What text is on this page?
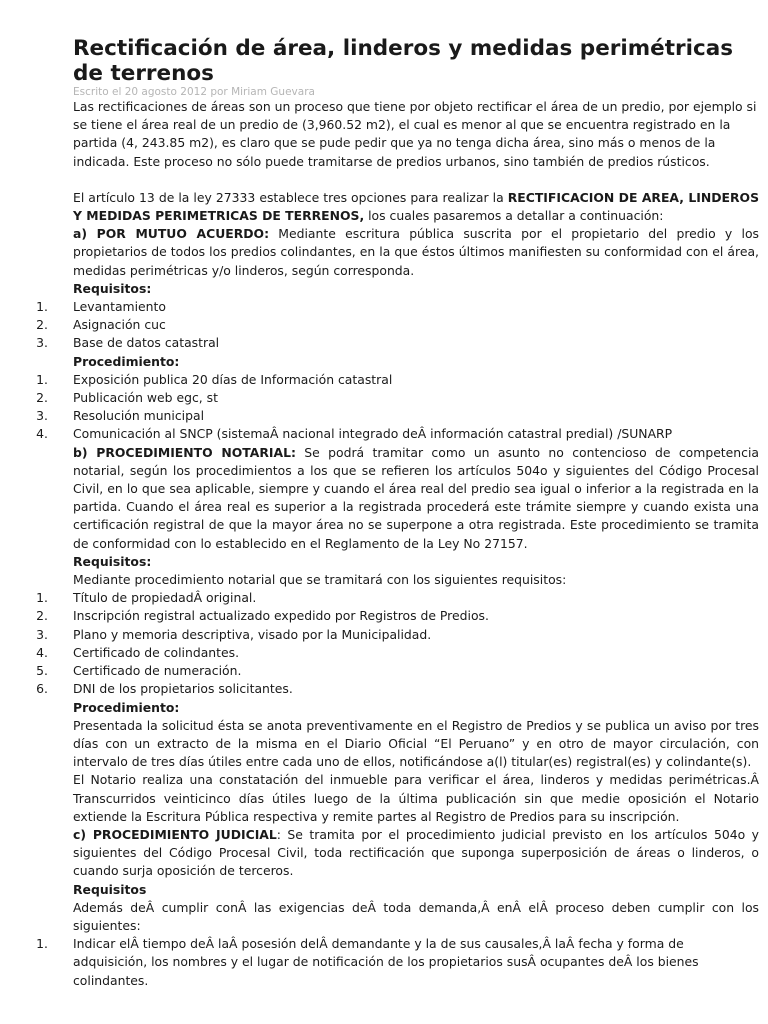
Rectificación de área, linderos y medidas perimétricas de terrenos

Escrito el 20 agosto 2012 por Miriam Guevara

Las rectificaciones de áreas son un proceso que tiene por objeto rectificar el área de un predio, por ejemplo si se tiene el área real de un predio de (3,960.52 m2), el cual es menor al que se encuentra registrado en la partida (4, 243.85 m2), es claro que se pude pedir que ya no tenga dicha área, sino más o menos de la indicada. Este proceso no sólo puede tramitarse de predios urbanos, sino también de predios rústicos.

El artículo 13 de la ley 27333 establece tres opciones para realizar la RECTIFICACION DE AREA, LINDEROS Y MEDIDAS PERIMETRICAS DE TERRENOS, los cuales pasaremos a detallar a continuación:

a) POR MUTUO ACUERDO: Mediante escritura pública suscrita por el propietario del predio y los propietarios de todos los predios colindantes, en la que éstos últimos manifiesten su conformidad con el área, medidas perimétricas y/o linderos, según corresponda.

Requisitos:

1. Levantamiento
2. Asignación cuc
3. Base de datos catastral

Procedimiento:

1. Exposición publica 20 días de Información catastral
2. Publicación web egc, st
3. Resolución municipal
4. Comunicación al SNCP (sistemaÂ nacional integrado deÂ información catastral predial) /SUNARP

b) PROCEDIMIENTO NOTARIAL: Se podrá tramitar como un asunto no contencioso de competencia notarial, según los procedimientos a los que se refieren los artículos 504o y siguientes del Código Procesal Civil, en lo que sea aplicable, siempre y cuando el área real del predio sea igual o inferior a la registrada en la partida. Cuando el área real es superior a la registrada procederá este trámite siempre y cuando exista una certificación registral de que la mayor área no se superpone a otra registrada. Este procedimiento se tramita de conformidad con lo establecido en el Reglamento de la Ley No 27157.

Requisitos:

Mediante procedimiento notarial que se tramitará con los siguientes requisitos:

1. Título de propiedadÂ original.
2. Inscripción registral actualizado expedido por Registros de Predios.
3. Plano y memoria descriptiva, visado por la Municipalidad.
4. Certificado de colindantes.
5. Certificado de numeración.
6. DNI de los propietarios solicitantes.

Procedimiento:

Presentada la solicitud ésta se anota preventivamente en el Registro de Predios y se publica un aviso por tres días con un extracto de la misma en el Diario Oficial “El Peruano” y en otro de mayor circulación, con intervalo de tres días útiles entre cada uno de ellos, notificándose a(l) titular(es) registral(es) y colindante(s).

El Notario realiza una constatación del inmueble para verificar el área, linderos y medidas perimétricas.Â Transcurridos veinticinco días útiles luego de la última publicación sin que medie oposición el Notario extiende la Escritura Pública respectiva y remite partes al Registro de Predios para su inscripción.

c) PROCEDIMIENTO JUDICIAL: Se tramita por el procedimiento judicial previsto en los artículos 504o y siguientes del Código Procesal Civil, toda rectificación que suponga superposición de áreas o linderos, o cuando surja oposición de terceros.

Requisitos

Además deÂ cumplir conÂ las exigencias deÂ toda demanda,Â enÂ elÂ proceso deben cumplir con los siguientes:

1. Indicar elÂ tiempo deÂ laÂ posesión delÂ demandante y la de sus causales,Â laÂ fecha y forma de adquisición, los nombres y el lugar de notificación de los propietarios susÂ ocupantes deÂ los bienes colindantes.
